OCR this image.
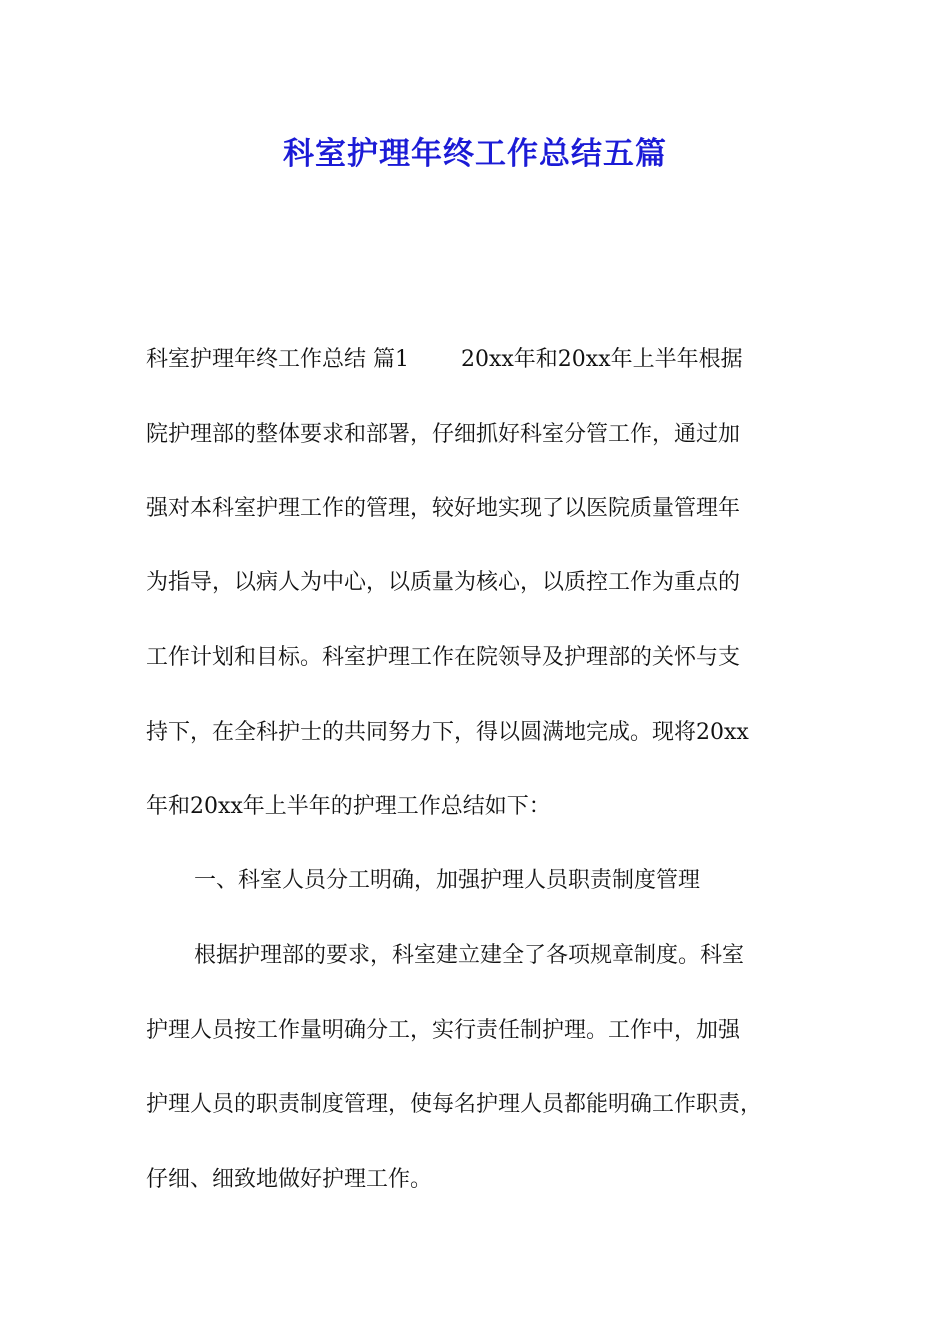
科室护理年终工作总结五篇
科室护理年终工作总结 篇1 20xx年和20xx年上半年根据
院护理部的整体要求和部署，仔细抓好科室分管工作，通过加
强对本科室护理工作的管理，较好地实现了以医院质量管理年
为指导，以病人为中心，以质量为核心，以质控工作为重点的
工作计划和目标。科室护理工作在院领导及护理部的关怀与支
持下，在全科护士的共同努力下，得以圆满地完成。现将20xx
年和20xx年上半年的护理工作总结如下：
一、科室人员分工明确，加强护理人员职责制度管理
根据护理部的要求，科室建立建全了各项规章制度。科室
护理人员按工作量明确分工，实行责任制护理。工作中，加强
护理人员的职责制度管理，使每名护理人员都能明确工作职责，
仔细、细致地做好护理工作。
